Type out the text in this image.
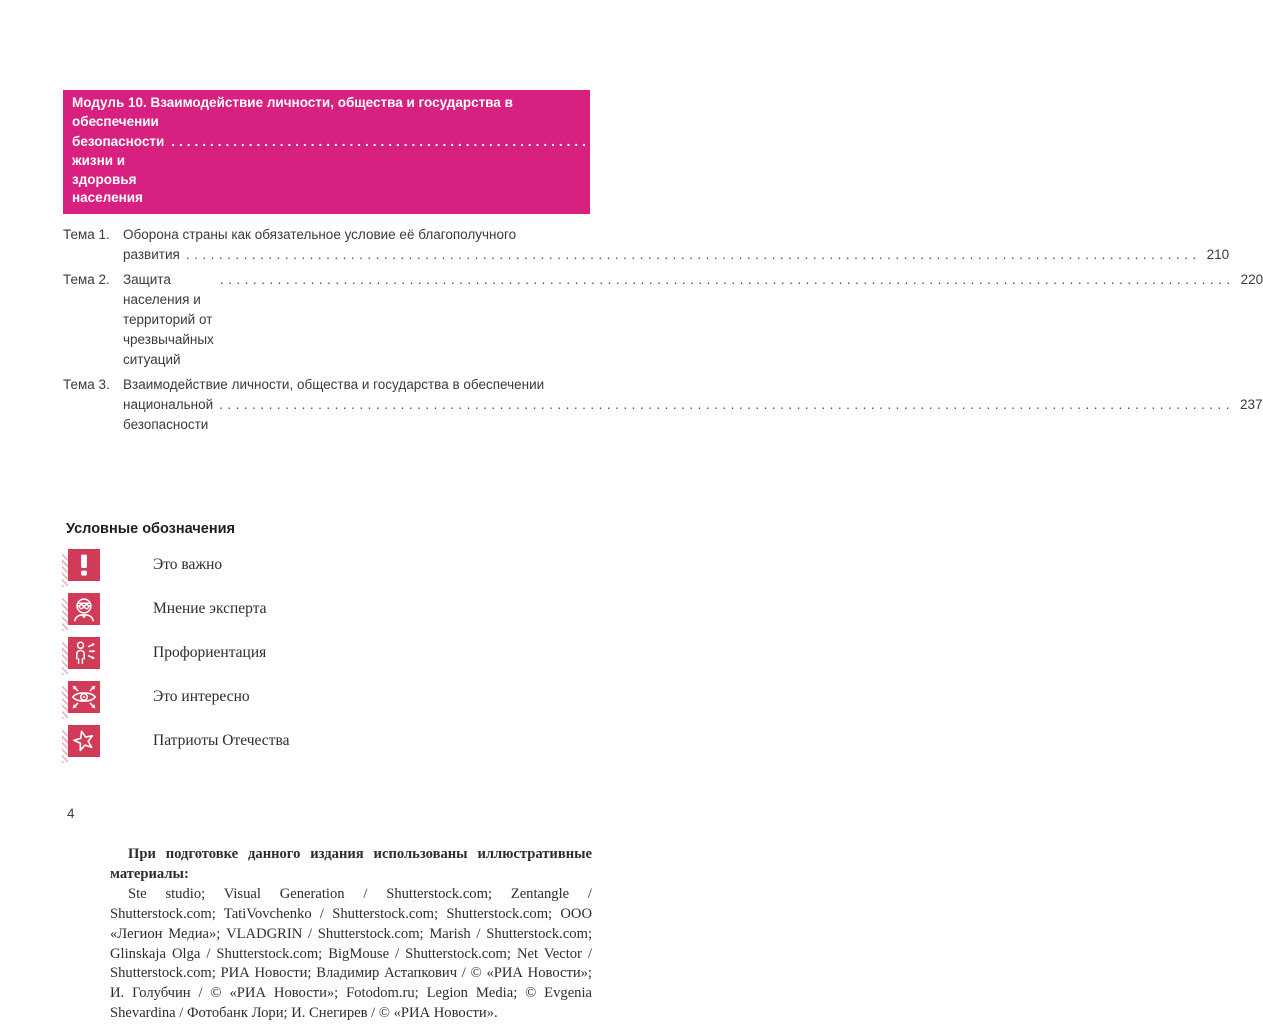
Модуль 10. Взаимодействие личности, общества и государства в обеспечении
безопасности жизни и здоровья населения
.....
209
Тема 1. Оборона страны как обязательное условие её благополучного
развития .....	210
Тема 2. Защита населения и территорий от чрезвычайных ситуаций
.....
220
Тема 3. Взаимодействие личности, общества и государства в обеспечении
национальной безопасности
.....
237
Условные обозначения
Это важно
Мнение эксперта
Профориентация
Это интересно
Патриоты Отечества

При подготовке данного издания использованы иллюстративные материалы:

Ste studio; Visual Generation / Shutterstock.com; Zentangle / Shutterstock.com; TatiVovchenko / Shutterstock.com; Shutterstock.com; ООО «Легион Медиа»; VLADGRIN / Shutterstock.com; Marish / Shutterstock.com; Glinskaja Olga / Shutterstock.com; BigMouse / Shutterstock.com; Net Vector / Shutterstock.com; РИА Новости; Владимир Астапкович / © «РИА Новости»; И. Голубчин / © «РИА Новости»; Fotodom.ru; Legion Media; © Evgenia Shevardina / Фотобанк Лори; И. Снегирев / © «РИА Новости».

4
